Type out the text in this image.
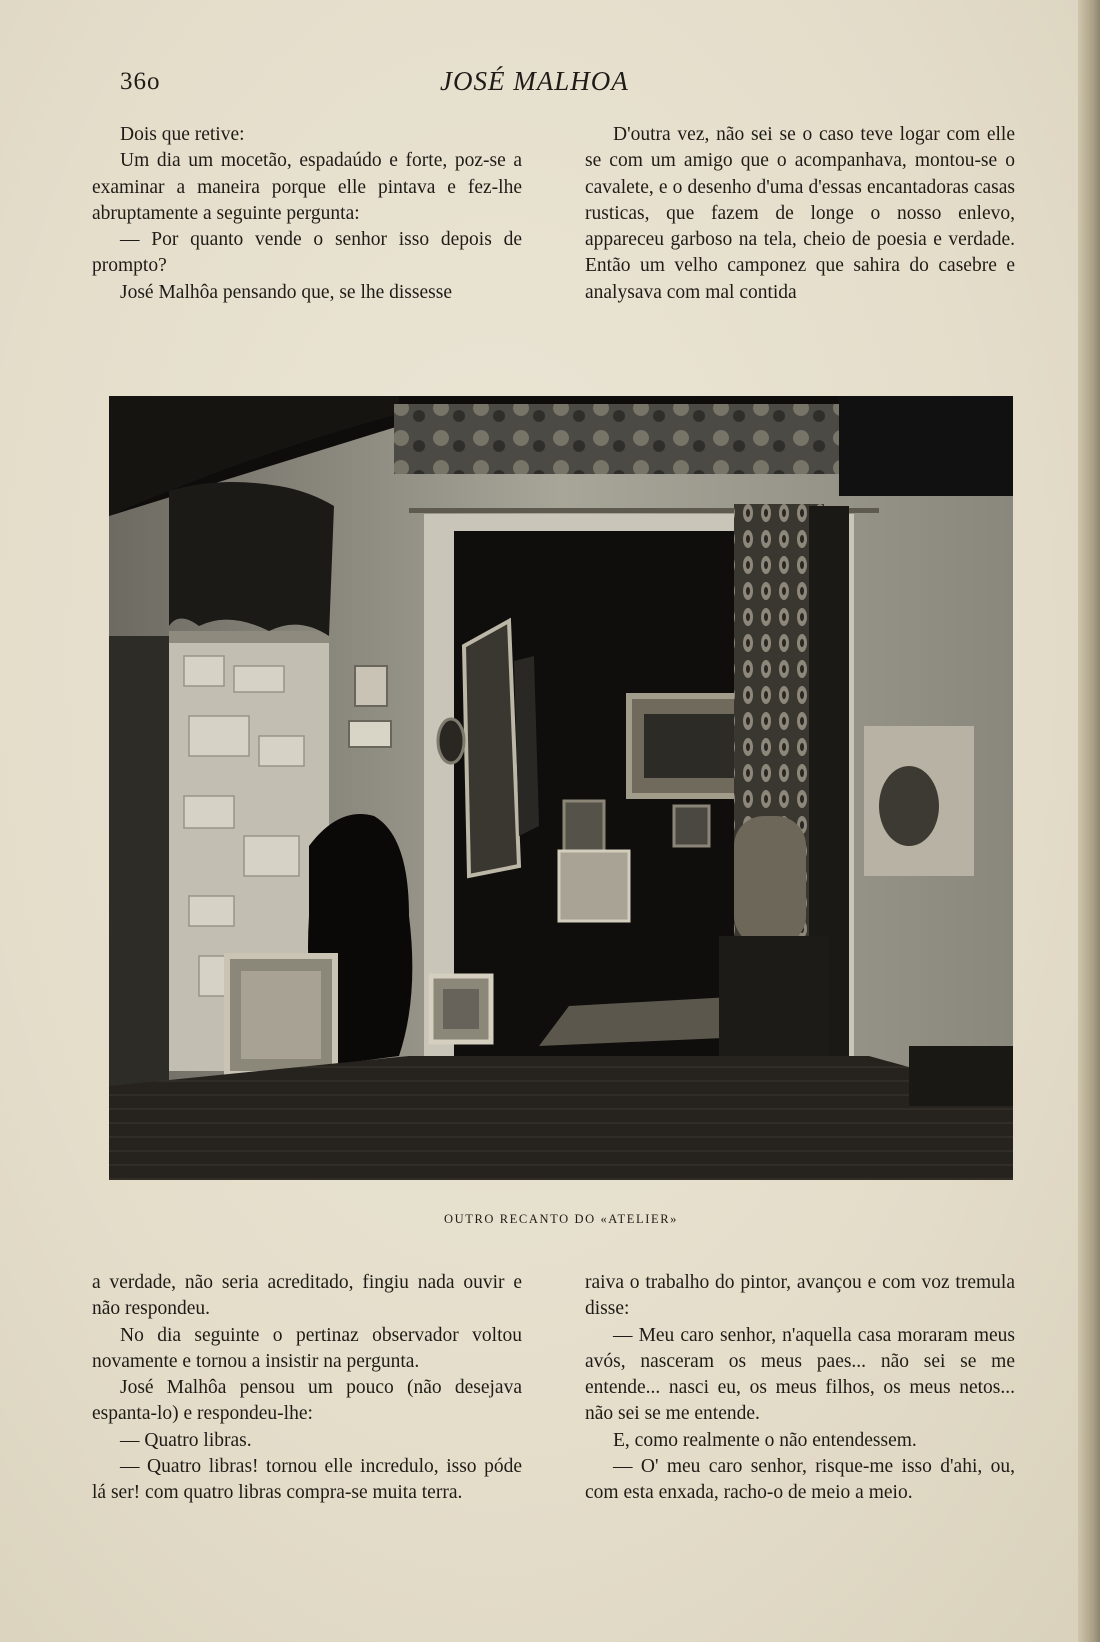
36o	JOSÉ MALHOA

Dois que retive:

Um dia um mocetão, espadaúdo e forte, poz-se a examinar a maneira porque elle pintava e fez-lhe abruptamente a seguinte pergunta:

— Por quanto vende o senhor isso depois de prompto?

José Malhôa pensando que, se lhe dissesse

D'outra vez, não sei se o caso teve logar com elle se com um amigo que o acompanhava, montou-se o cavalete, e o desenho d'uma d'essas encantadoras casas rusticas, que fazem de longe o nosso enlevo, appareceu garboso na tela, cheio de poesia e verdade. Então um velho camponez que sahira do casebre e analysava com mal contida

OUTRO RECANTO DO «ATELIER»

a verdade, não seria acreditado, fingiu nada ouvir e não respondeu.

No dia seguinte o pertinaz observador voltou novamente e tornou a insistir na pergunta.

José Malhôa pensou um pouco (não desejava espanta-lo) e respondeu-lhe:

— Quatro libras.

— Quatro libras! tornou elle incredulo, isso póde lá ser! com quatro libras compra-se muita terra.

raiva o trabalho do pintor, avançou e com voz tremula disse:

— Meu caro senhor, n'aquella casa moraram meus avós, nasceram os meus paes... não sei se me entende... nasci eu, os meus filhos, os meus netos... não sei se me entende.

E, como realmente o não entendessem.

— O' meu caro senhor, risque-me isso d'ahi, ou, com esta enxada, racho-o de meio a meio.
